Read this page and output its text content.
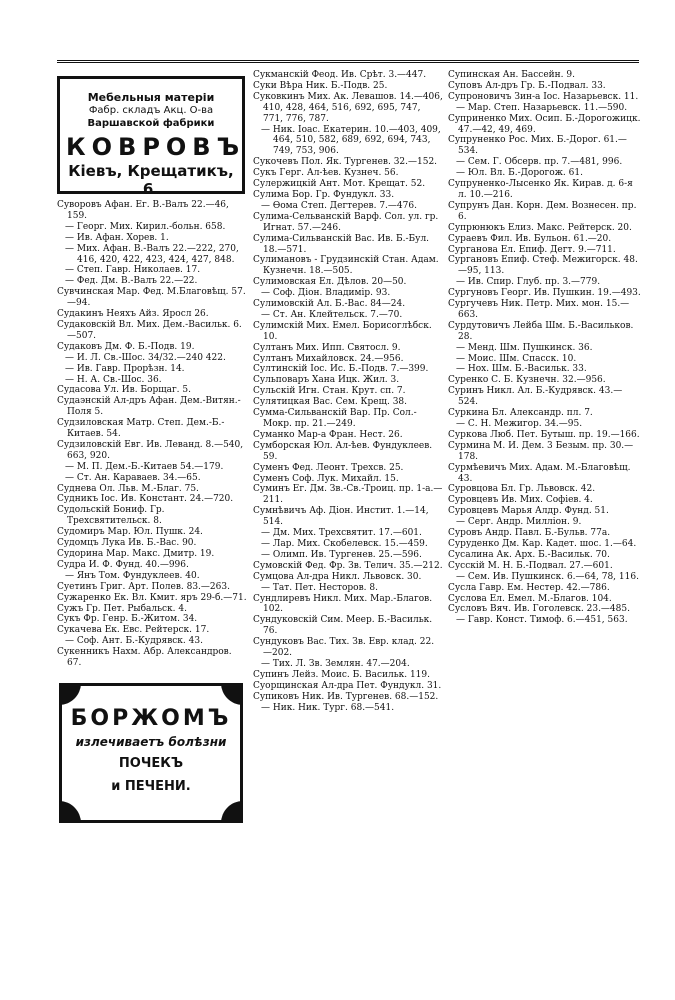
Мебельныя матеріи
Фабр. складъ Акц. О-ва
Варшавской фабрики
КОВРОВЪ
Кіевъ, Крещатикъ, 6.

Суворовъ Афан. Ег. В.-Валъ 22.—46, 159.

— Георг. Мих. Кирил.-больн. 658.

— Ив. Афан. Хорев. 1.

— Мих. Афан. В.-Валъ 22.—222, 270, 416, 420, 422, 423, 424, 427, 848.

— Степ. Гавр. Николаев. 17.

— Фед. Дм. В.-Валъ 22.—22.

Сувчинская Мар. Фед. М.Благовѣщ. 57.—94.

Судакинъ Неяхъ Айз. Яросл 26.

Судаковскій Вл. Мих. Дем.-Васильк. 6.—507.

Судаковъ Дм. Ф. Б.-Подв. 19.

— И. Л. Св.-Шос. 34/32.—240 422.

— Ив. Гавр. Прорѣзн. 14.

— Н. А. Св.-Шос. 36.

Судасова Ул. Ив. Борщаг. 5.

Судаэнскій Ал-дръ Афан. Дем.-Витян.-Поля 5.

Судзиловская Матр. Степ. Дем.-Б.-Китаев. 54.

Судзиловскій Евг. Ив. Леванд. 8.—540, 663, 920.

— М. П. Дем.-Б.-Китаев 54.—179.

— Ст. Ан. Караваев. 34.—65.

Суднева Ол. Льв. М.-Благ. 75.

Судникъ Іос. Ив. Констант. 24.—720.

Судольскій Бониф. Гр. Трехсвятительск. 8.

Судомиръ Мар. Юл. Пушк. 24.

Судомцъ Лука Ив. Б.-Вас. 90.

Судорина Мар. Макс. Дмитр. 19.

Судра И. Ф. Фунд. 40.—996.

— Янъ Том. Фундуклеев. 40.

Суетинъ Григ. Арт. Полев. 83.—263.

Сужаренко Ек. Вл. Кмит. яръ 29-б.—71.

Сужъ Гр. Пет. Рыбальск. 4.

Сукъ Фр. Генр. Б.-Житом. 34.

Сукачева Ек. Евс. Рейтерск. 17.

— Соф. Ант. Б.-Кудрявск. 43.

Сукенникъ Нахм. Абр. Александров. 67.

БОРЖОМЪ
излечиваетъ болѣзни
ПОЧЕКЪ
и ПЕЧЕНИ.

Сукманскій Феод. Ив. Срѣт. 3.—447.

Суки Вѣра Ник. Б.-Подв. 25.

Суковкинъ Мих. Ак. Левашов. 14.—406, 410, 428, 464, 516, 692, 695, 747, 771, 776, 787.

— Ник. Іоас. Екатерин. 10.—403, 409, 464, 510, 582, 689, 692, 694, 743, 749, 753, 906.

Сукочевъ Пол. Як. Тургенев. 32.—152.

Сукъ Герг. Ал-ѣев. Кузнеч. 56.

Сулержицкій Ант. Мот. Крещат. 52.

Сулима Бор. Гр. Фундукл. 33.

— Ѳома Степ. Дегтерев. 7.—476.

Сулима-Сельванскій Варф. Сол. ул. гр. Игнат. 57.—246.

Сулима-Сильванскій Вас. Ив. Б.-Бул. 18.—571.

Сулимановъ - Грудзинскій Стан. Адам. Кузнечн. 18.—505.

Сулимовская Ел. Дѣлов. 20—50.

— Соф. Діон. Владимір. 93.

Сулимовскій Ал. Б.-Вас. 84—24.

— Ст. Ан. Клейтельск. 7.—70.

Сулимскій Мих. Емел. Борисоглѣбск. 10.

Султанъ Мих. Ипп. Святосл. 9.

Султанъ Михайловск. 24.—956.

Султинскій Іос. Ис. Б.-Подв. 7.—399.

Сульповаръ Хана Ицк. Жил. 3.

Сульскій Игн. Стан. Крут. сп. 7.

Сулятицкая Вас. Сем. Крещ. 38.

Сумма-Сильванскій Вар. Пр. Сол.-Мокр. пр. 21.—249.

Суманко Мар-а Фран. Нест. 26.

Сумборская Юл. Ал-ѣев. Фундуклеев. 59.

Суменъ Фед. Леонт. Трехсв. 25.

Суменъ Соф. Лук. Михайл. 15.

Суминъ Ег. Дм. Зв.-Св.-Троиц. пр. 1-а.—211.

Сумнѣвичъ Аф. Діон. Инстит. 1.—14, 514.

— Дм. Мих. Трехсвятит. 17.—601.

— Лар. Мих. Скобелевск. 15.—459.

— Олимп. Ив. Тургенев. 25.—596.

Сумовскій Фед. Фр. Зв. Телич. 35.—212.

Сумцова Ал-дра Никл. Львовск. 30.

— Тат. Пет. Несторов. 8.

Сундлиревъ Никл. Мих. Мар.-Благов. 102.

Сундуковскій Сим. Меер. Б.-Васильк. 76.

Сундуковъ Вас. Тих. Зв. Евр. клад. 22.—202.

— Тих. Л. Зв. Землян. 47.—204.

Супинъ Лейз. Моис. Б. Васильк. 119.

Суорщинская Ал-дра Пет. Фундукл. 31.

Супиковъ Ник. Ив. Тургенев. 68.—152.

— Ник. Ник. Тург. 68.—541.

Супинская Ан. Бассейн. 9.

Суповъ Ал-дръ Гр. Б.-Подвал. 33.

Супроновичъ Зин-а Іос. Назарьевск. 11.

— Мар. Степ. Назарьевск. 11.—590.

Суприненко Мих. Осип. Б.-Дорогожицк. 47.—42, 49, 469.

Супруненко Рос. Мих. Б.-Дорог. 61.—534.

— Сем. Г. Обсерв. пр. 7.—481, 996.

— Юл. Вл. Б.-Дорогож. 61.

Супруненко-Лысенко Як. Кирав. д. 6-я л. 10.—216.

Супрунъ Дан. Корн. Дем. Вознесен. пр. 6.

Супрюнюкъ Елиз. Макс. Рейтерск. 20.

Сураевъ Фил. Ив. Бульон. 61.—20.

Сурганова Ел. Епиф. Дегт. 9.—711.

Сургановъ Епиф. Стеф. Межигорск. 48.—95, 113.

— Ив. Спир. Глуб. пр. 3.—779.

Сургуновъ Георг. Ив. Пушкин. 19.—493.

Сургучевъ Ник. Петр. Мих. мон. 15.—663.

Сурдутовичъ Лейба Шм. Б.-Васильков. 28.

— Менд. Шм. Пушкинск. 36.

— Моис. Шм. Спасск. 10.

— Нох. Шм. Б.-Васильк. 33.

Суренко С. Б. Кузнечн. 32.—956.

Суринъ Никл. Ал. Б.-Кудрявск. 43.—524.

Суркина Бл. Александр. пл. 7.

— С. Н. Межигор. 34.—95.

Суркова Люб. Пет. Бутыш. пр. 19.—166.

Сурмина М. И. Дем. 3 Безым. пр. 30.—178.

Сурмѣевичъ Мих. Адам. М.-Благовѣщ. 43.

Суровцова Бл. Гр. Львовск. 42.

Суровцевъ Ив. Мих. Софіев. 4.

Суровцевъ Марья Алдр. Фунд. 51.

— Серг. Андр. Милліон. 9.

Суровъ Андр. Павл. Б.-Бульв. 77а.

Суруденко Дм. Кар. Кадет. шос. 1.—64.

Сусалина Ак. Арх. Б.-Васильк. 70.

Сусскій М. Н. Б.-Подвал. 27.—601.

— Сем. Ив. Пушкинск. 6.—64, 78, 116.

Сусла Гавр. Ем. Нестер. 42.—786.

Суслова Ел. Емел. М.-Благов. 104.

Сусловъ Вяч. Ив. Гоголевск. 23.—485.

— Гавр. Конст. Тимоф. 6.—451, 563.
